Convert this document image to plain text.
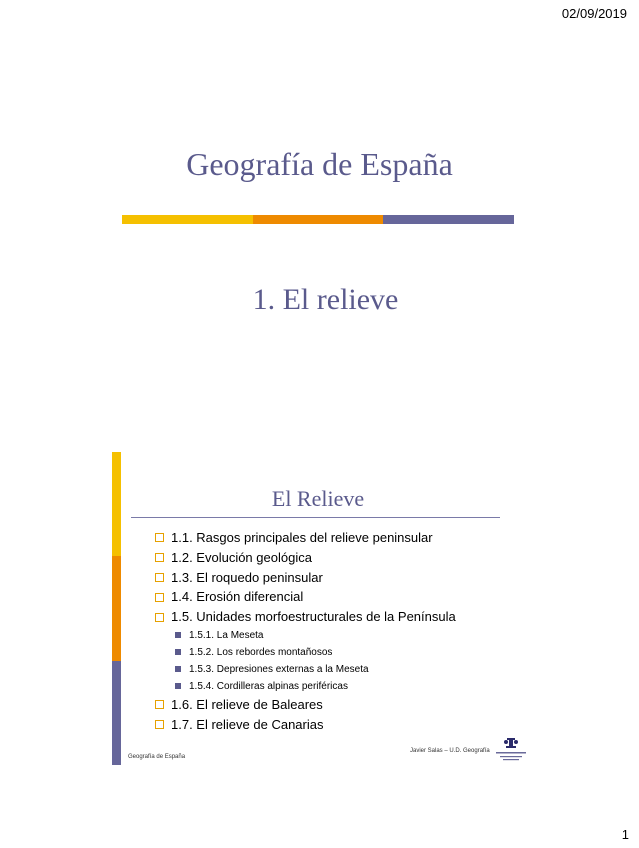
02/09/2019
Geografía de España
1. El relieve
El Relieve
1.1. Rasgos principales del relieve peninsular
1.2. Evolución geológica
1.3. El roquedo peninsular
1.4. Erosión diferencial
1.5. Unidades morfoestructurales de la Península
1.5.1. La Meseta
1.5.2. Los rebordes montañosos
1.5.3. Depresiones externas a la Meseta
1.5.4. Cordilleras alpinas periféricas
1.6. El relieve de Baleares
1.7. El relieve de Canarias
Geografía de España
Javier Salas – U.D. Geografía
1
